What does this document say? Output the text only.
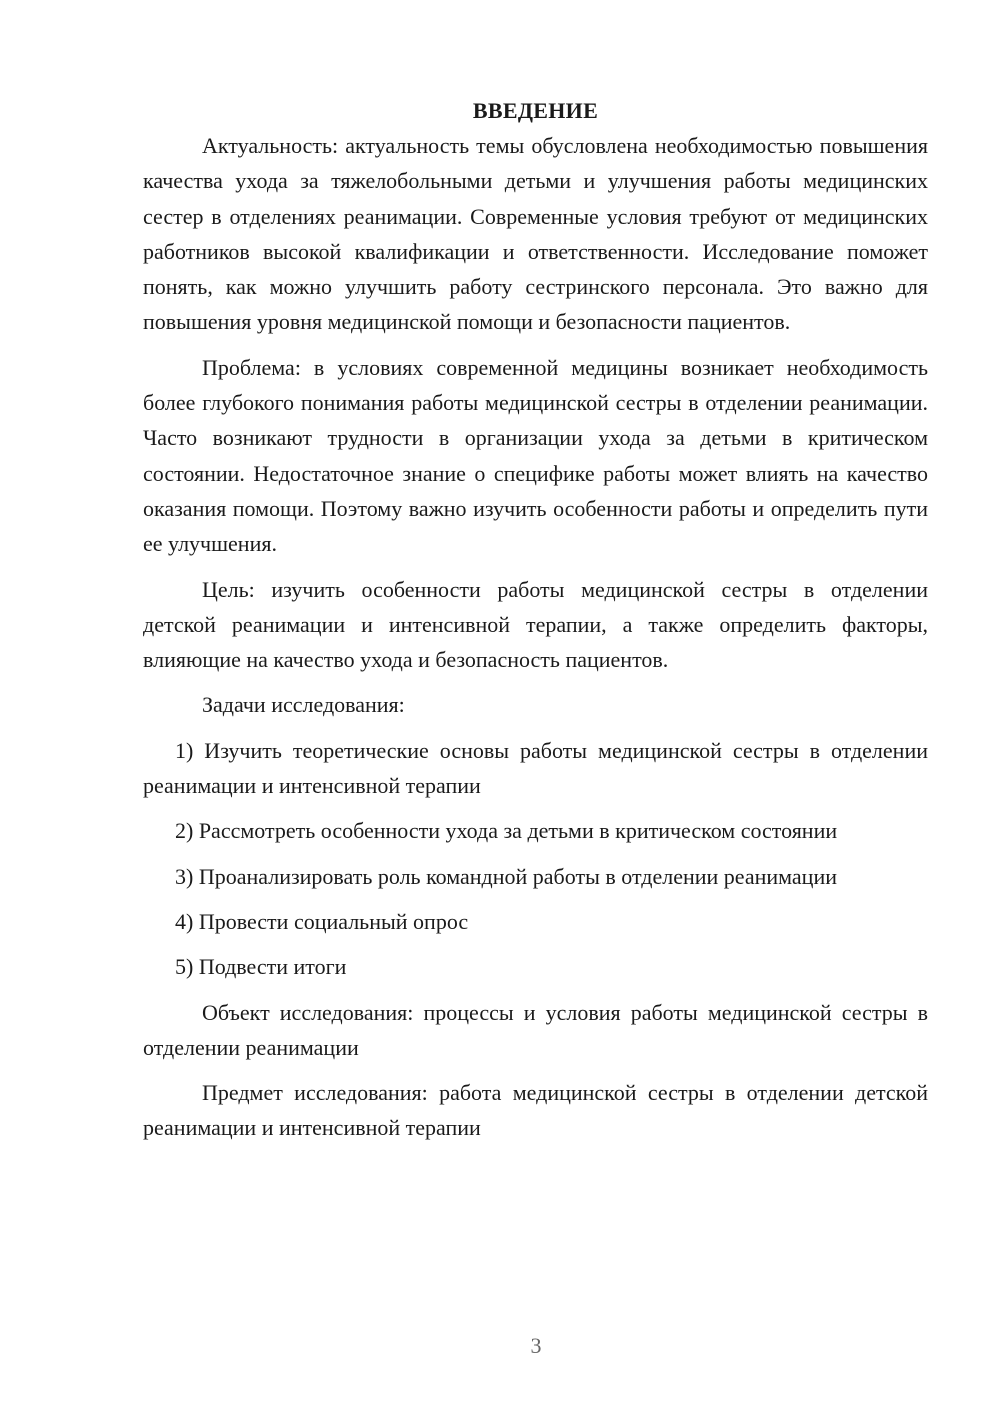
ВВЕДЕНИЕ

Актуальность: актуальность темы обусловлена необходимостью повышения качества ухода за тяжелобольными детьми и улучшения работы медицинских сестер в отделениях реанимации. Современные условия требуют от медицинских работников высокой квалификации и ответственности. Исследование поможет понять, как можно улучшить работу сестринского персонала. Это важно для повышения уровня медицинской помощи и безопасности пациентов.

Проблема: в условиях современной медицины возникает необходимость более глубокого понимания работы медицинской сестры в отделении реанимации. Часто возникают трудности в организации ухода за детьми в критическом состоянии. Недостаточное знание о специфике работы может влиять на качество оказания помощи. Поэтому важно изучить особенности работы и определить пути ее улучшения.

Цель: изучить особенности работы медицинской сестры в отделении детской реанимации и интенсивной терапии, а также определить факторы, влияющие на качество ухода и безопасность пациентов.

Задачи исследования:

1) Изучить теоретические основы работы медицинской сестры в отделении реанимации и интенсивной терапии

2) Рассмотреть особенности ухода за детьми в критическом состоянии

3) Проанализировать роль командной работы в отделении реанимации

4) Провести социальный опрос

5) Подвести итоги

Объект исследования: процессы и условия работы медицинской сестры в отделении реанимации

Предмет исследования: работа медицинской сестры в отделении детской реанимации и интенсивной терапии

3
